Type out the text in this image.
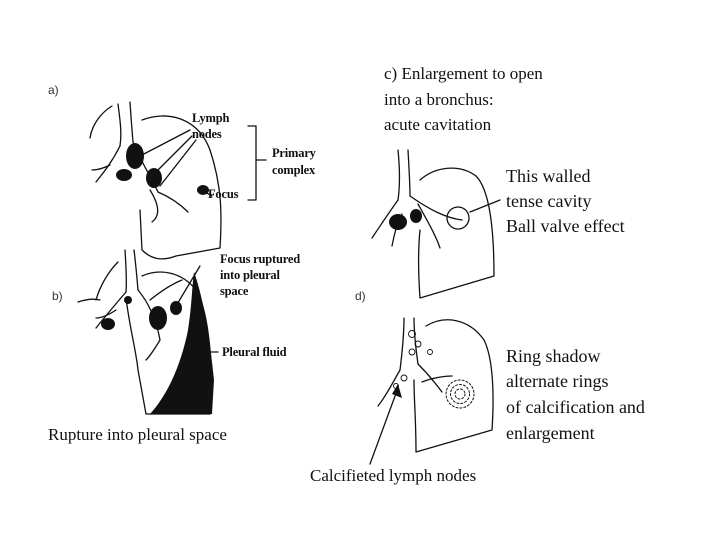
a)
Lymph
nodes
Focus
Primary
complex
b)
Focus ruptured
into pleural
space
Pleural fluid
Rupture into pleural space
c) Enlargement to open
into a bronchus:
acute cavitation
This walled
tense cavity
Ball valve effect
d)
Ring shadow
alternate rings
of calcification and
enlargement
Calcifieted lymph nodes
